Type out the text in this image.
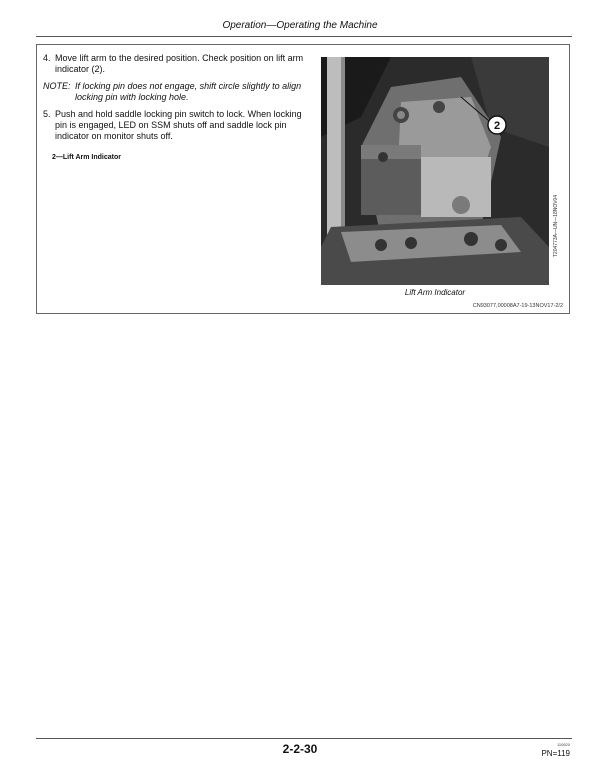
Operation—Operating the Machine

4. Move lift arm to the desired position. Check position on lift arm indicator (2).

NOTE: If locking pin does not engage, shift circle slightly to align locking pin with locking hole.

5. Push and hold saddle locking pin switch to lock. When locking pin is engaged, LED on SSM shuts off and saddle lock pin indicator on monitor shuts off.

2—Lift Arm Indicator
2
T204773A—UN—18NOV04
Lift Arm Indicator
CN93077,00008A7-19-13NOV17-2/2
2-2-30	110620
PN=119
